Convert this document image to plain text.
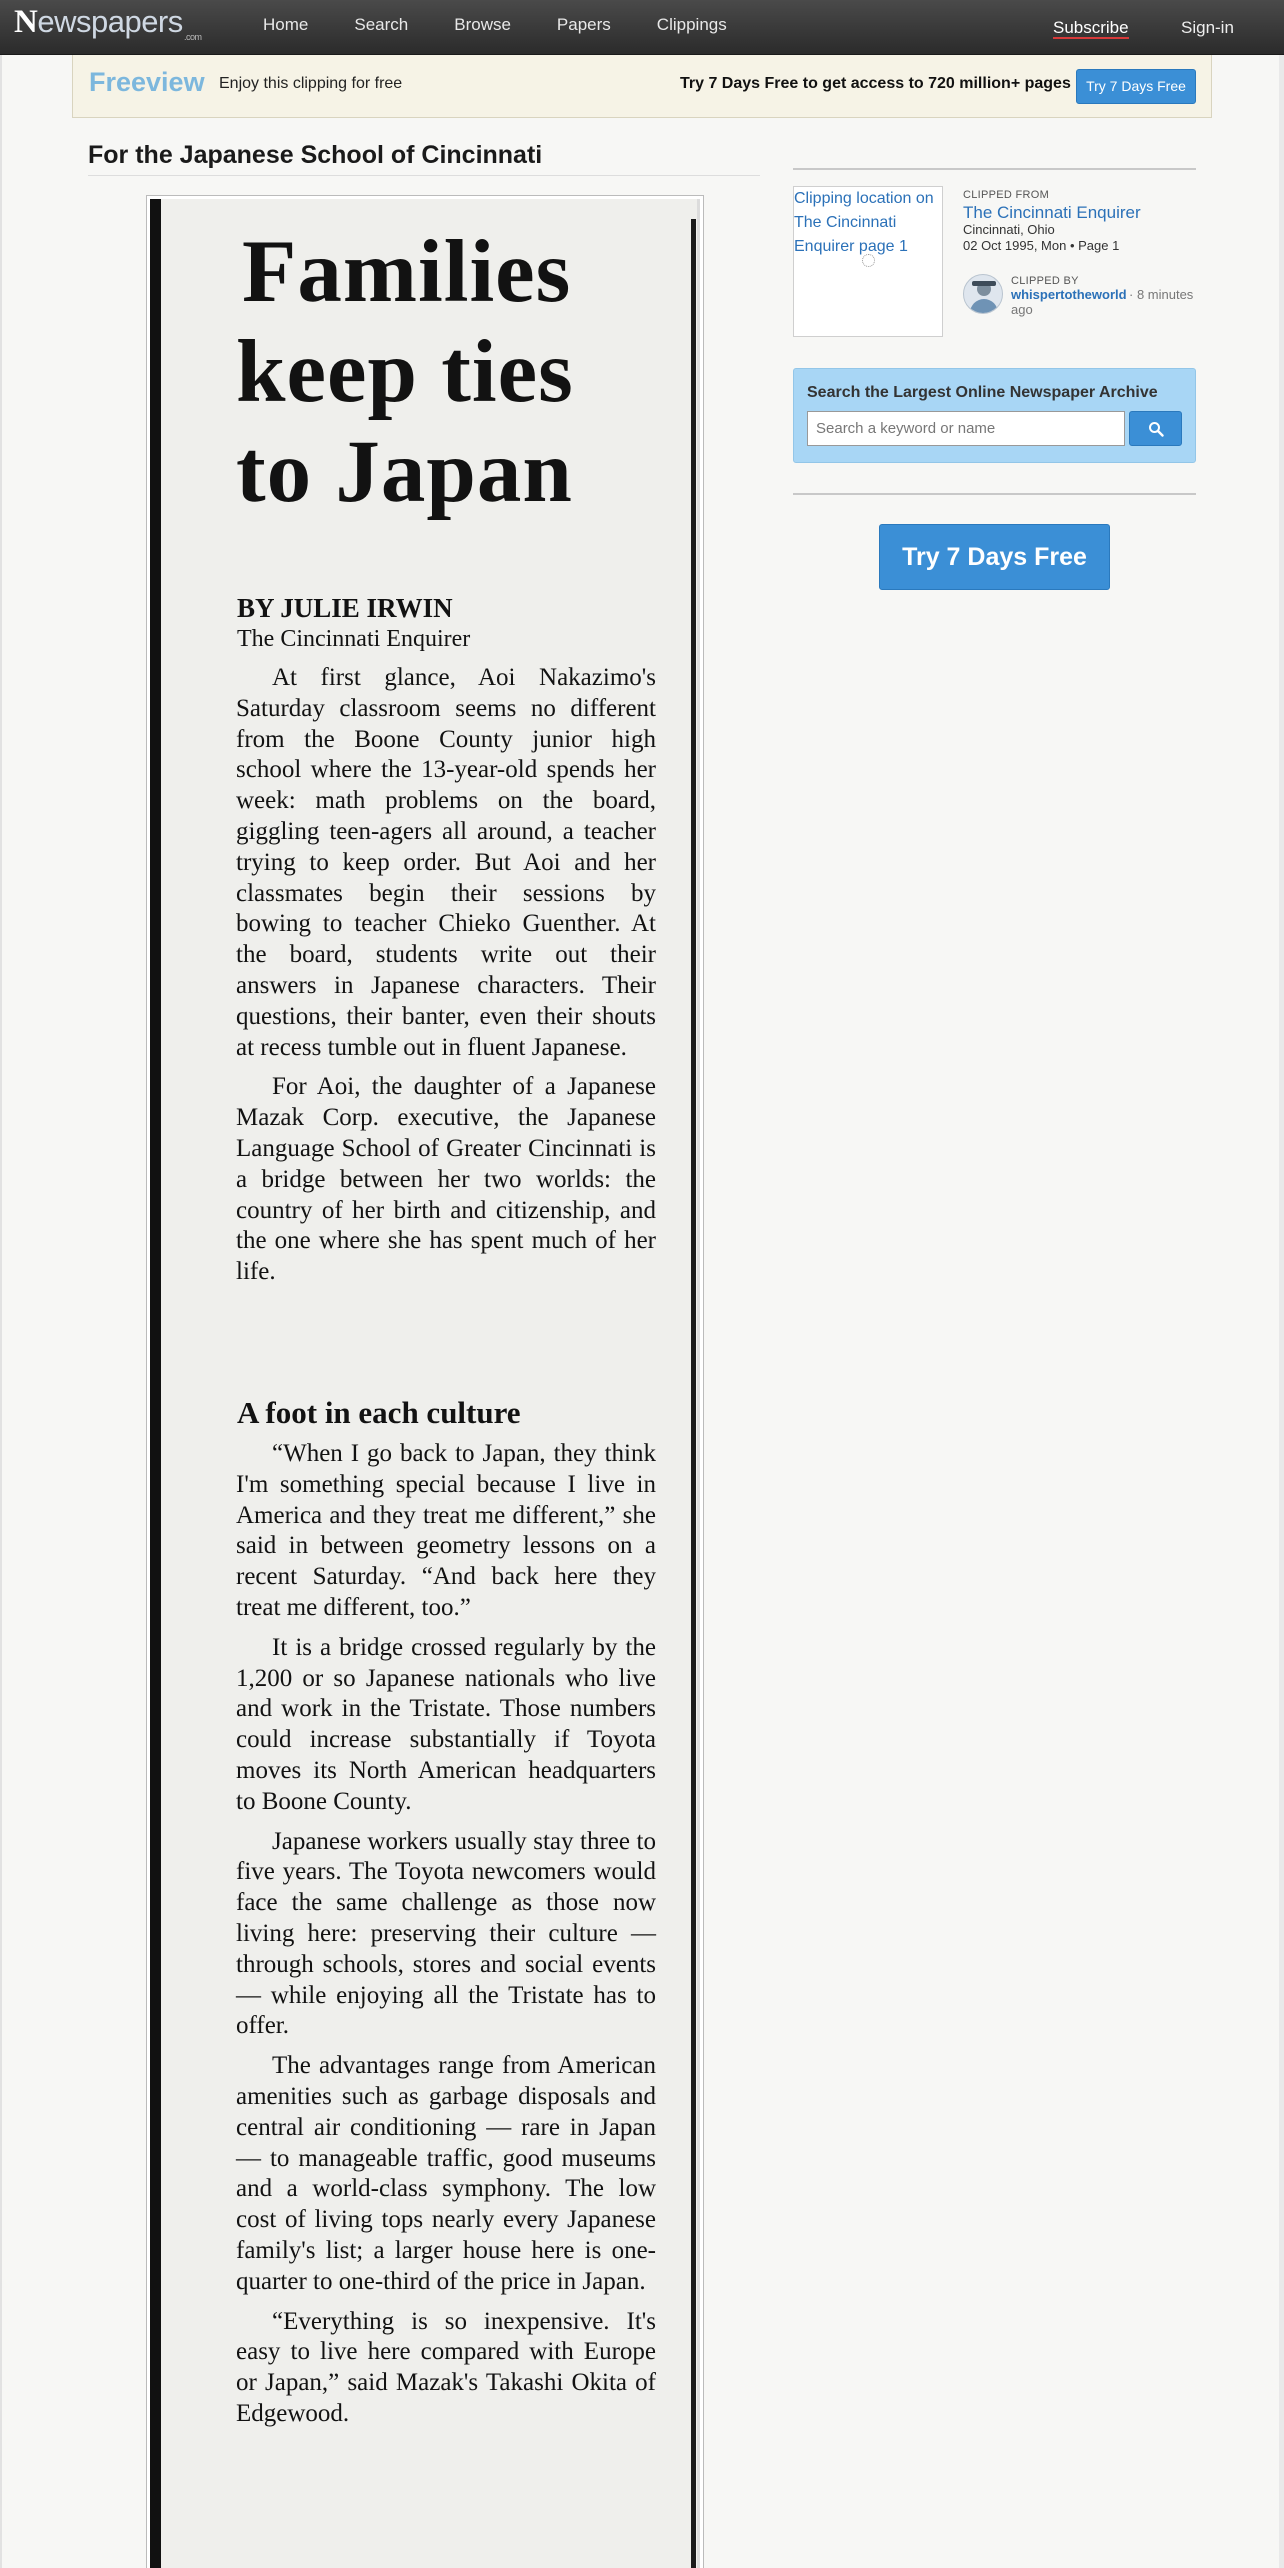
Newspapers .com
Home	Search	Browse	Papers	Clippings	Subscribe	Sign-in
Freeview Enjoy this clipping for free	Try 7 Days Free to get access to 720 million+ pages	Try 7 Days Free
For the Japanese School of Cincinnati
Families
keep ties
to Japan
BY JULIE IRWIN
The Cincinnati Enquirer

At first glance, Aoi Nakazimo's Saturday classroom seems no different from the Boone County junior high school where the 13-year-old spends her week: math problems on the board, giggling teen-agers all around, a teacher trying to keep order. But Aoi and her classmates begin their sessions by bowing to teacher Chieko Guenther. At the board, students write out their answers in Japanese characters. Their questions, their banter, even their shouts at recess tumble out in fluent Japanese.

For Aoi, the daughter of a Japanese Mazak Corp. executive, the Japanese Language School of Greater Cincinnati is a bridge between her two worlds: the country of her birth and citizenship, and the one where she has spent much of her life.

A foot in each culture

“When I go back to Japan, they think I'm something special because I live in America and they treat me different,” she said in between geometry lessons on a recent Saturday. “And back here they treat me different, too.”

It is a bridge crossed regularly by the 1,200 or so Japanese nationals who live and work in the Tristate. Those numbers could increase substantially if Toyota moves its North American headquarters to Boone County.

Japanese workers usually stay three to five years. The Toyota newcomers would face the same challenge as those now living here: preserving their culture — through schools, stores and social events — while enjoying all the Tristate has to offer.

The advantages range from American amenities such as garbage disposals and central air conditioning — rare in Japan — to manageable traffic, good museums and a world-class symphony. The low cost of living tops nearly every Japanese family's list; a larger house here is one-quarter to one-third of the price in Japan.

“Everything is so inexpensive. It's easy to live here compared with Europe or Japan,” said Mazak's Takashi Okita of Edgewood.

Clipping location on The Cincinnati Enquirer page 1
CLIPPED FROM
The Cincinnati Enquirer
Cincinnati, Ohio
02 Oct 1995, Mon • Page 1
CLIPPED BY
· 8 minutes ago
whispertotheworld
Search the Largest Online Newspaper Archive
Search a keyword or name
Try 7 Days Free
